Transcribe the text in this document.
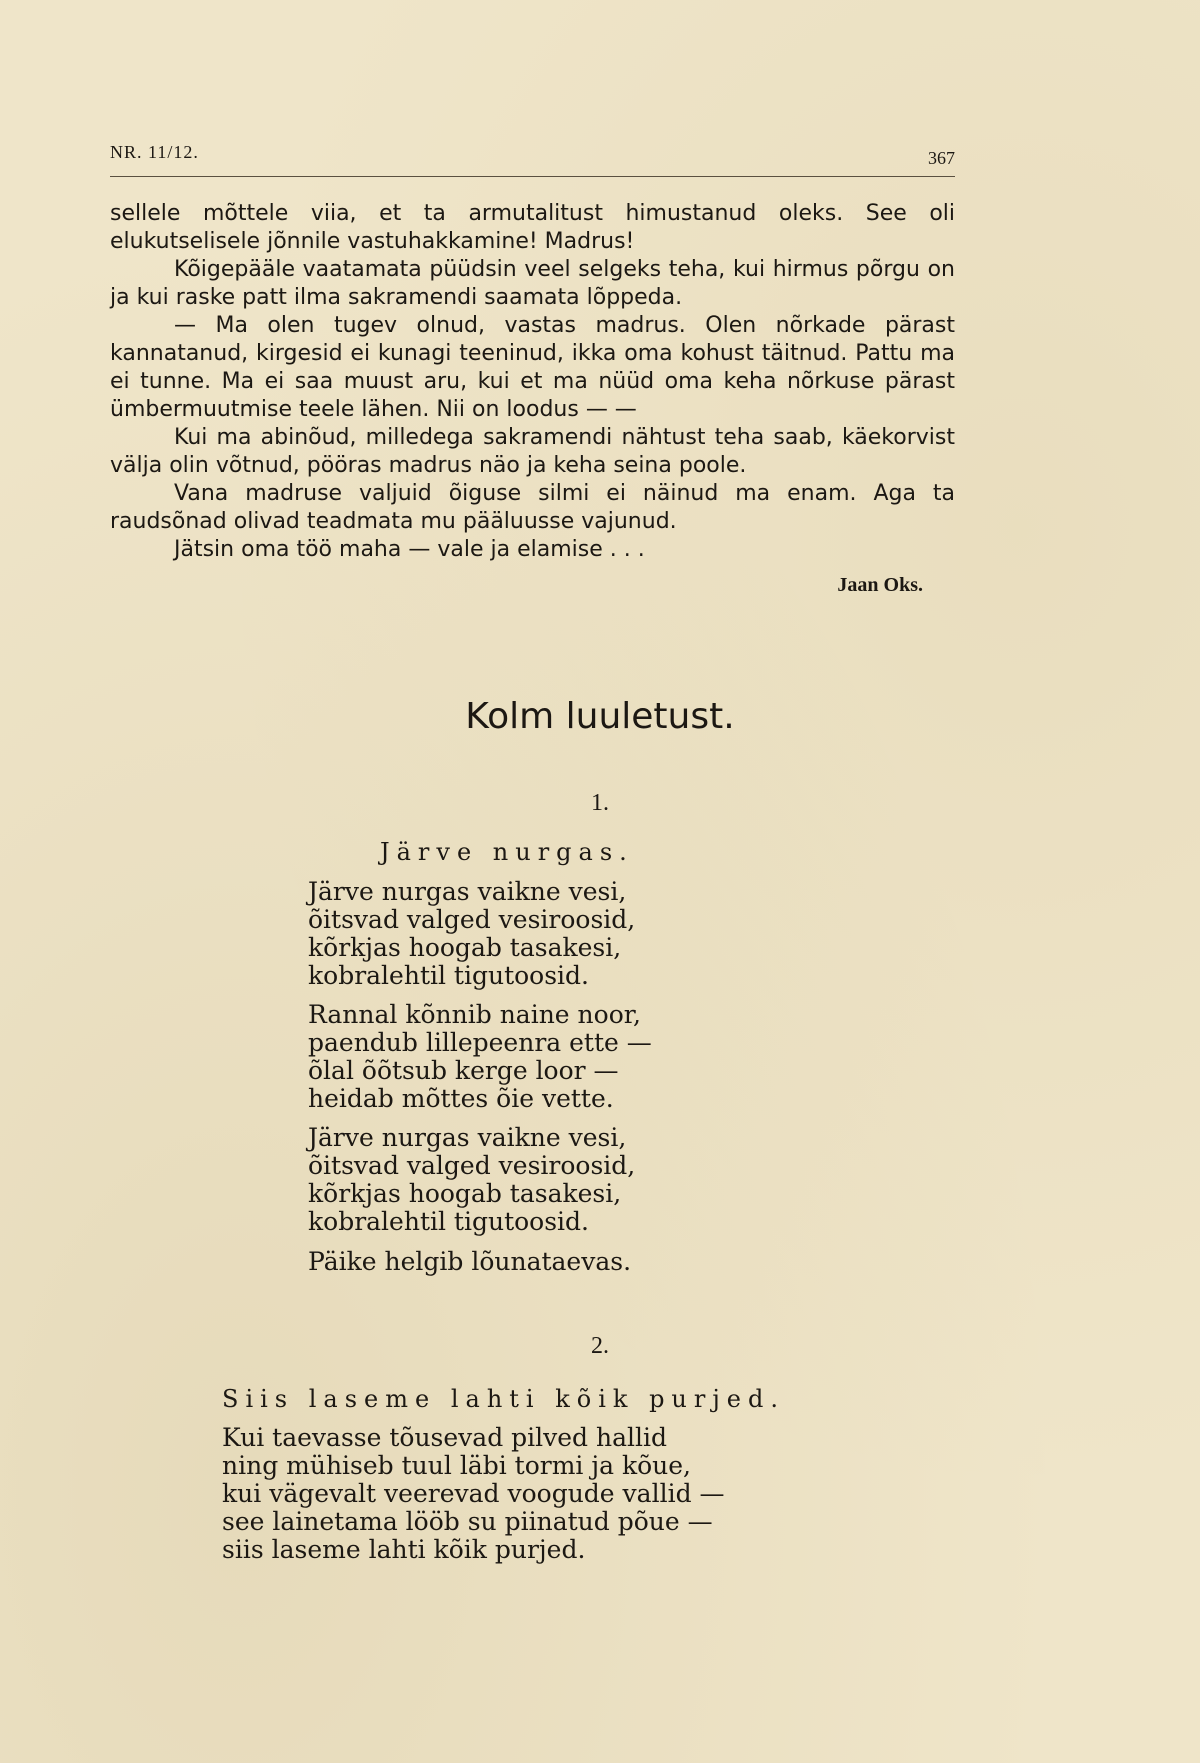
NR. 11/12.	367

sellele mõttele viia, et ta armutalitust himustanud oleks. See oli elukutselisele jõnnile vastuhakkamine! Madrus!

Kõigepääle vaatamata püüdsin veel selgeks teha, kui hirmus põrgu on ja kui raske patt ilma sakramendi saamata lõppeda.

— Ma olen tugev olnud, vastas madrus. Olen nõrkade pärast kannatanud, kirgesid ei kunagi teeninud, ikka oma kohust täitnud. Pattu ma ei tunne. Ma ei saa muust aru, kui et ma nüüd oma keha nõrkuse pärast ümbermuutmise teele lähen. Nii on loodus — —

Kui ma abinõud, milledega sakramendi nähtust teha saab, käekorvist välja olin võtnud, pööras madrus näo ja keha seina poole.

Vana madruse valjuid õiguse silmi ei näinud ma enam. Aga ta raudsõnad olivad teadmata mu pääluusse vajunud.

Jätsin oma töö maha — vale ja elamise . . .

Jaan Oks.
Kolm luuletust.
1.
Järve nurgas.
Järve nurgas vaikne vesi,
õitsvad valged vesiroosid,
kõrkjas hoogab tasakesi,
kobralehtil tigutoosid.
Rannal kõnnib naine noor,
paendub lillepeenra ette —
õlal õõtsub kerge loor —
heidab mõttes õie vette.
Järve nurgas vaikne vesi,
õitsvad valged vesiroosid,
kõrkjas hoogab tasakesi,
kobralehtil tigutoosid.
Päike helgib lõunataevas.
2.
Siis laseme lahti kõik purjed.
Kui taevasse tõusevad pilved hallid
ning mühiseb tuul läbi tormi ja kõue,
kui vägevalt veerevad voogude vallid —
see lainetama lööb su piinatud põue —
siis laseme lahti kõik purjed.
